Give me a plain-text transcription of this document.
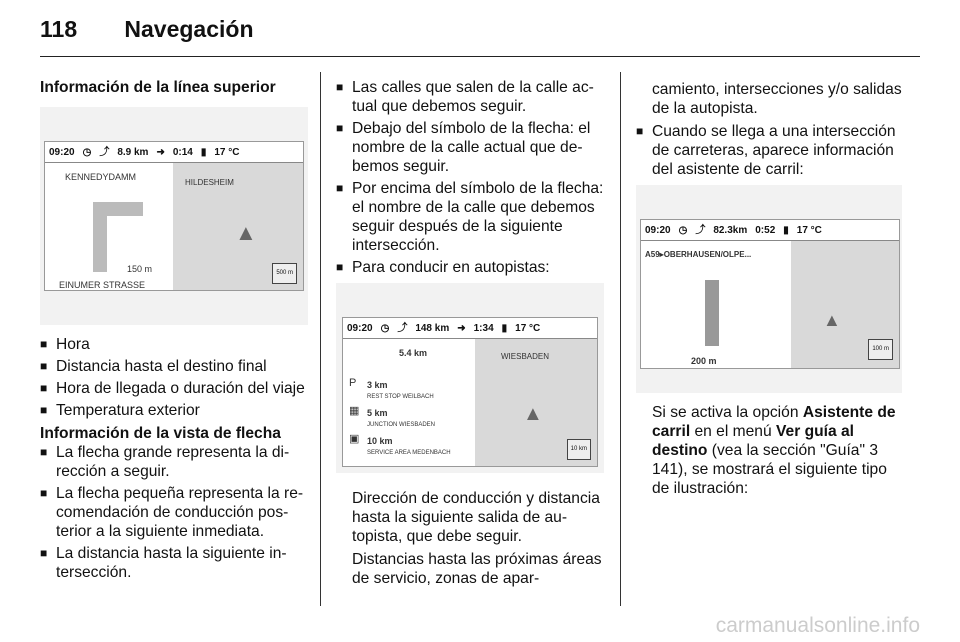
118 Navegación

Información de la línea superior

09:20 ◷ ⤴ 8.9 km ➜ 0:14 ▮ 17 °C
KENNEDYDAMM
150 m
EINUMER STRASSE
HILDESHEIM
▲
500 m
■ Hora
■ Distancia hasta el destino final
■ Hora de llegada o duración del viaje
■ Temperatura exterior

Información de la vista de flecha

■ La flecha grande representa la dirección a seguir.
■ La flecha pequeña representa la recomendación de conducción posterior a la siguiente inmediata.
■ La distancia hasta la siguiente intersección.
■ Las calles que salen de la calle actual que debemos seguir.
■ Debajo del símbolo de la flecha: el nombre de la calle actual que debemos seguir.
■ Por encima del símbolo de la flecha: el nombre de la calle que debemos seguir después de la siguiente intersección.
■ Para conducir en autopistas:
09:20 ◷ ⤴ 148 km ➜ 1:34 ▮ 17 °C
5.4 km
3 km
REST STOP WEILBACH
5 km
JUNCTION WIESBADEN
10 km
SERVICE AREA MEDENBACH
P
▦
▣
WIESBADEN
▲
10 km

Dirección de conducción y distancia hasta la siguiente salida de autopista, que debe seguir.

Distancias hasta las próximas áreas de servicio, zonas de apar-

camiento, intersecciones y/o salidas de la autopista.

■ Cuando se llega a una intersección de carreteras, aparece información del asistente de carril:
09:20 ◷ ⤴ 82.3km 0:52 ▮ 17 °C
A59▸OBERHAUSEN/OLPE...
200 m
▲
100 m

Si se activa la opción Asistente de carril en el menú Ver guía al destino (vea la sección "Guía" 3 141), se mostrará el siguiente tipo de ilustración:

carmanualsonline.info
